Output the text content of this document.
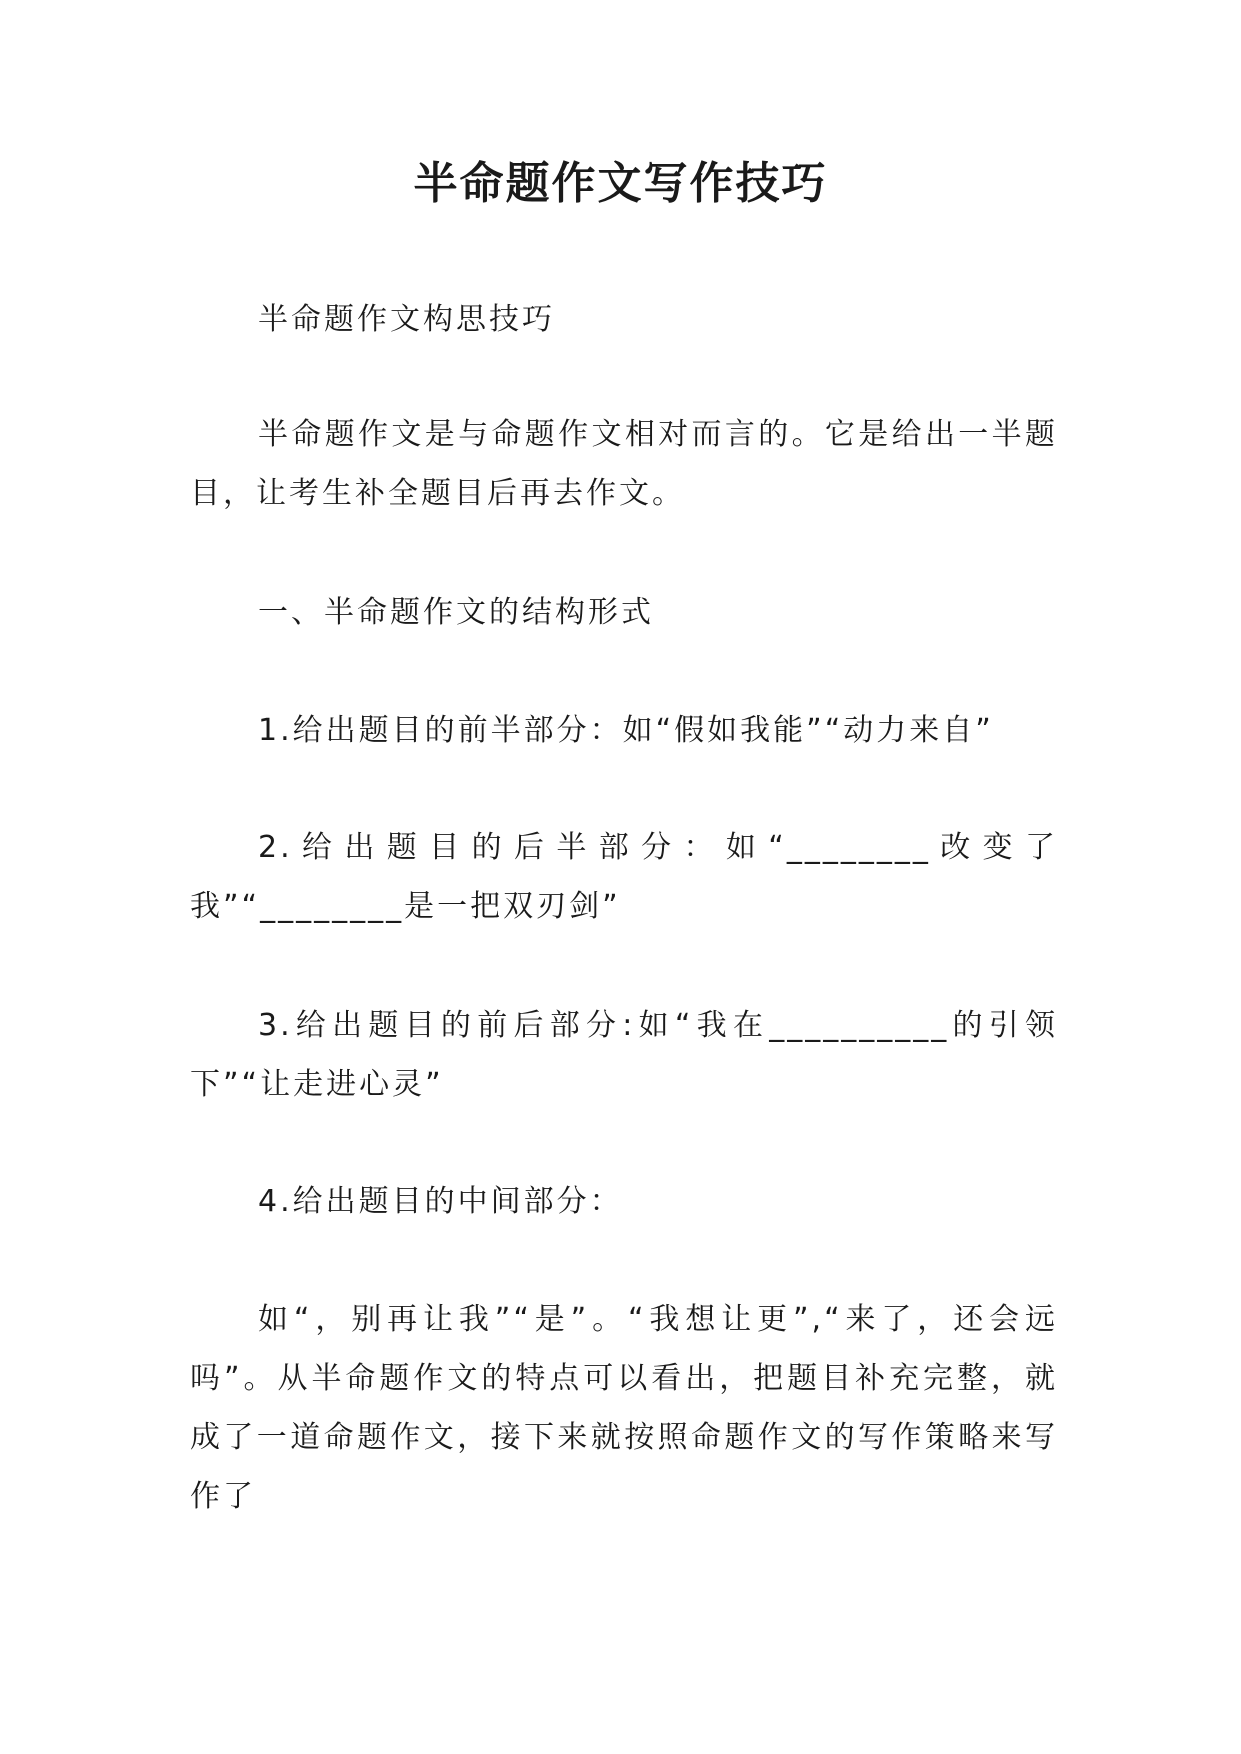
半命题作文写作技巧

半命题作文构思技巧

半命题作文是与命题作文相对而言的。它是给出一半题目，让考生补全题目后再去作文。

一、半命题作文的结构形式

1.给出题目的前半部分：如“假如我能”“动力来自”

2.给出题目的后半部分：如“________改变了我”“________是一把双刃剑”

3.给出题目的前后部分:如“我在__________的引领下”“让走进心灵”

4.给出题目的中间部分：

如“，别再让我”“是”。“我想让更”,“来了，还会远吗”。从半命题作文的特点可以看出，把题目补充完整，就成了一道命题作文，接下来就按照命题作文的写作策略来写作了
